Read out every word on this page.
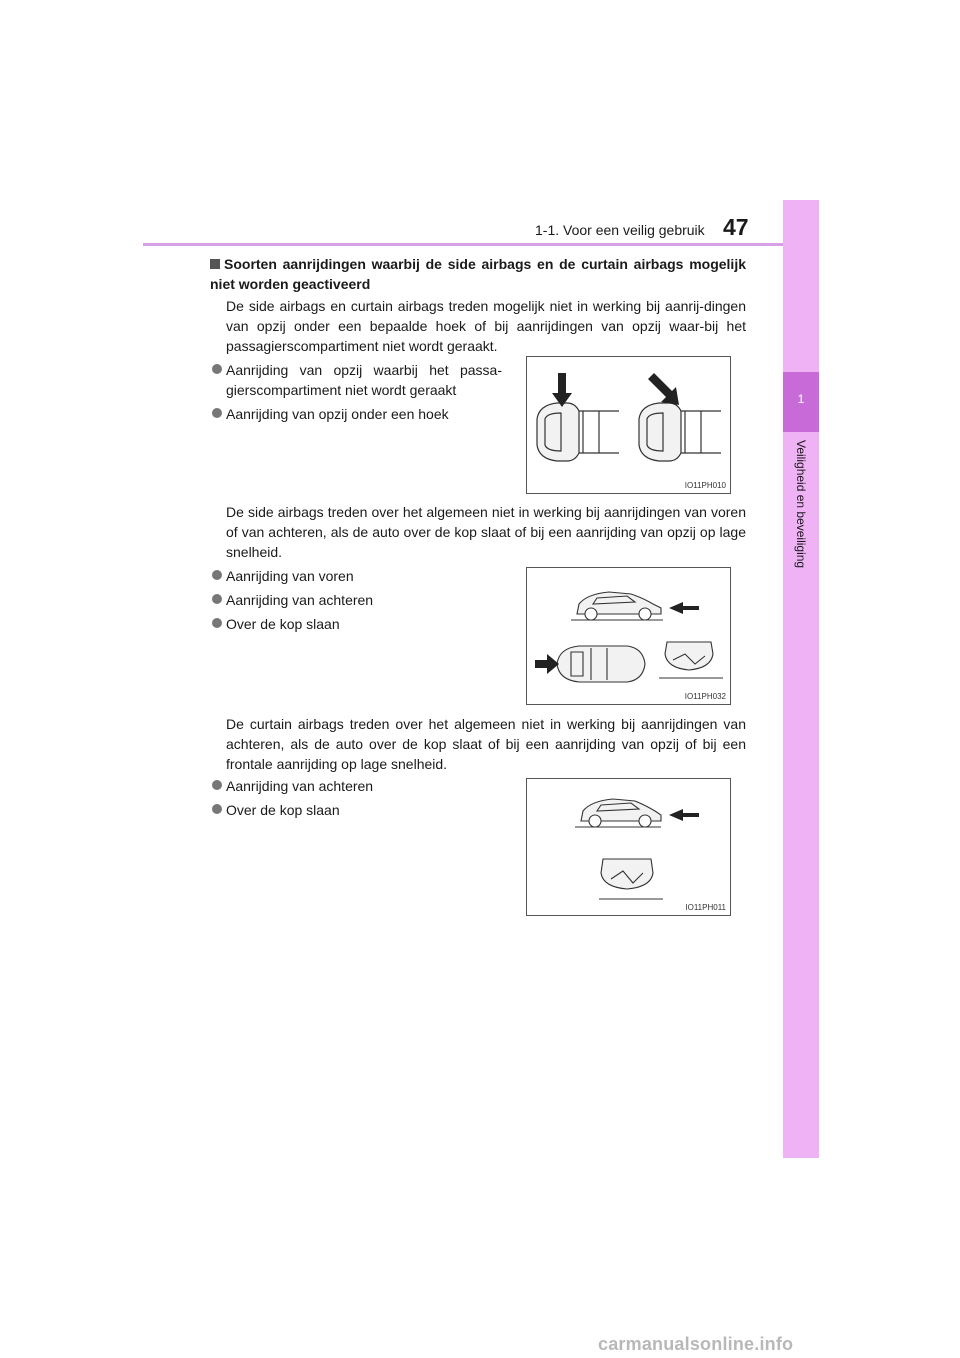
1-1. Voor een veilig gebruik 47
1
Veiligheid en beveiliging
Soorten aanrijdingen waarbij de side airbags en de curtain airbags mogelijk niet worden geactiveerd
De side airbags en curtain airbags treden mogelijk niet in werking bij aanrij-dingen van opzij onder een bepaalde hoek of bij aanrijdingen van opzij waar-bij het passagierscompartiment niet wordt geraakt.
Aanrijding van opzij waarbij het passa-gierscompartiment niet wordt geraakt
Aanrijding van opzij onder een hoek
IO11PH010
De side airbags treden over het algemeen niet in werking bij aanrijdingen van voren of van achteren, als de auto over de kop slaat of bij een aanrijding van opzij op lage snelheid.
Aanrijding van voren
Aanrijding van achteren
Over de kop slaan
IO11PH032
De curtain airbags treden over het algemeen niet in werking bij aanrijdingen van achteren, als de auto over de kop slaat of bij een aanrijding van opzij of bij een frontale aanrijding op lage snelheid.
Aanrijding van achteren
Over de kop slaan
IO11PH011
carmanualsonline.info
